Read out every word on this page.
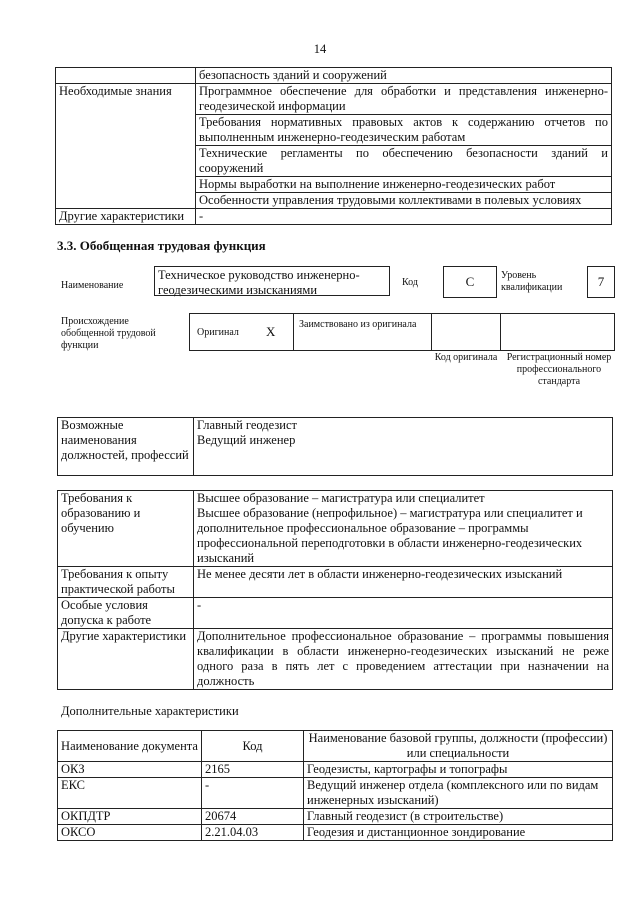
14
	безопасность зданий и сооружений
Необходимые знания	Программное обеспечение для обработки и представления инженерно-геодезической информации
	Требования нормативных правовых актов к содержанию отчетов по выполненным инженерно-геодезическим работам
	Технические регламенты по обеспечению безопасности зданий и сооружений
	Нормы выработки на выполнение инженерно-геодезических работ
	Особенности управления трудовыми коллективами в полевых условиях
Другие характеристики	-
3.3. Обобщенная трудовая функция
Наименование
Техническое руководство инженерно-геодезическими изысканиями
Код	C	Уровень квалификации	7
Происхождение обобщенной трудовой функции
Оригинал X Заимствовано из оригинала
Код оригинала Регистрационный номер профессионального стандарта
Возможные наименования должностей, профессий	
Главный геодезист
Ведущий инженер
Требования к образованию и обучению	Высшее образование – магистратура или специалитет
Высшее образование (непрофильное) – магистратура или специалитет и дополнительное профессиональное образование – программы профессиональной переподготовки в области инженерно-геодезических изысканий
Требования к опыту практической работы	Не менее десяти лет в области инженерно-геодезических изысканий
Особые условия допуска к работе	-
Другие характеристики	Дополнительное профессиональное образование – программы повышения квалификации в области инженерно-геодезических изысканий не реже одного раза в пять лет с проведением аттестации при назначении на должность
Дополнительные характеристики
Наименование документа	Код	Наименование базовой группы, должности (профессии) или специальности
ОКЗ	2165	Геодезисты, картографы и топографы
ЕКС	-	Ведущий инженер отдела (комплексного или по видам инженерных изысканий)
ОКПДТР	20674	Главный геодезист (в строительстве)
ОКСО	2.21.04.03	Геодезия и дистанционное зондирование
